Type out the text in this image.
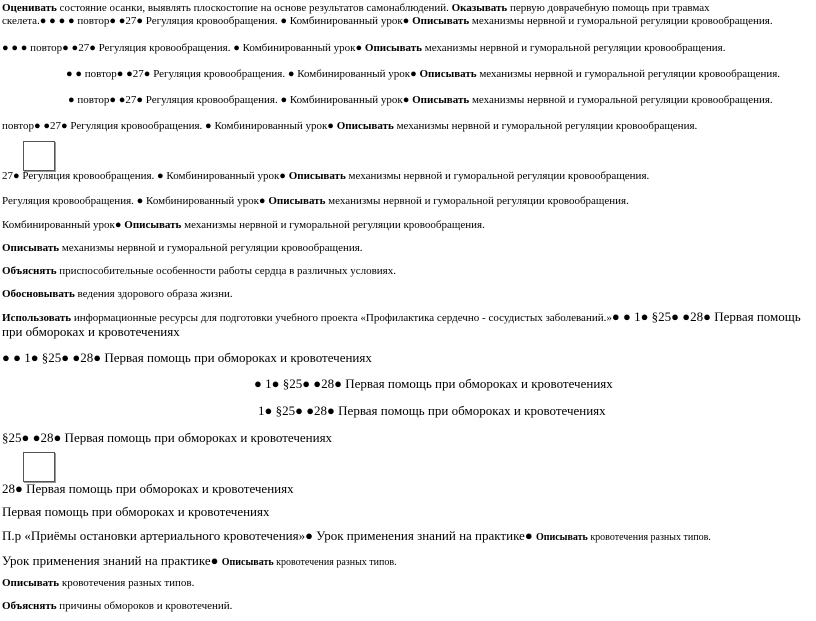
Оценивать состояние осанки, выявлять плоскостопие на основе результатов самонаблюдений. Оказывать первую доврачебную помощь при травмах
скелета.● ● ● ● повтор● ●27● Регуляция кровообращения. ● Комбинированный урок● Описывать механизмы нервной и гуморальной регуляции кровообращения.
● ● ● повтор● ●27● Регуляция кровообращения. ● Комбинированный урок● Описывать механизмы нервной и гуморальной регуляции кровообращения.
● ● повтор● ●27● Регуляция кровообращения. ● Комбинированный урок● Описывать механизмы нервной и гуморальной регуляции кровообращения.
● повтор● ●27● Регуляция кровообращения. ● Комбинированный урок● Описывать механизмы нервной и гуморальной регуляции кровообращения.
повтор● ●27● Регуляция кровообращения. ● Комбинированный урок● Описывать механизмы нервной и гуморальной регуляции кровообращения.
27● Регуляция кровообращения. ● Комбинированный урок● Описывать механизмы нервной и гуморальной регуляции кровообращения.
Регуляция кровообращения. ● Комбинированный урок● Описывать механизмы нервной и гуморальной регуляции кровообращения.
Комбинированный урок● Описывать механизмы нервной и гуморальной регуляции кровообращения.
Описывать механизмы нервной и гуморальной регуляции кровообращения.
Объяснять приспособительные особенности работы сердца в различных условиях.
Обосновывать ведения здорового образа жизни.
Использовать информационные ресурсы для подготовки учебного проекта «Профилактика сердечно - сосудистых заболеваний.»● ● 1● §25● ●28● Первая помощь при обмороках и кровотечениях
● ● 1● §25● ●28● Первая помощь при обмороках и кровотечениях
● 1● §25● ●28● Первая помощь при обмороках и кровотечениях
1● §25● ●28● Первая помощь при обмороках и кровотечениях
§25● ●28● Первая помощь при обмороках и кровотечениях
28● Первая помощь при обмороках и кровотечениях
Первая помощь при обмороках и кровотечениях
П.р «Приёмы остановки артериального кровотечения»● Урок применения знаний на практике● Описывать кровотечения разных типов.
Урок применения знаний на практике● Описывать кровотечения разных типов.
Описывать кровотечения разных типов.
Объяснять причины обмороков и кровотечений.
